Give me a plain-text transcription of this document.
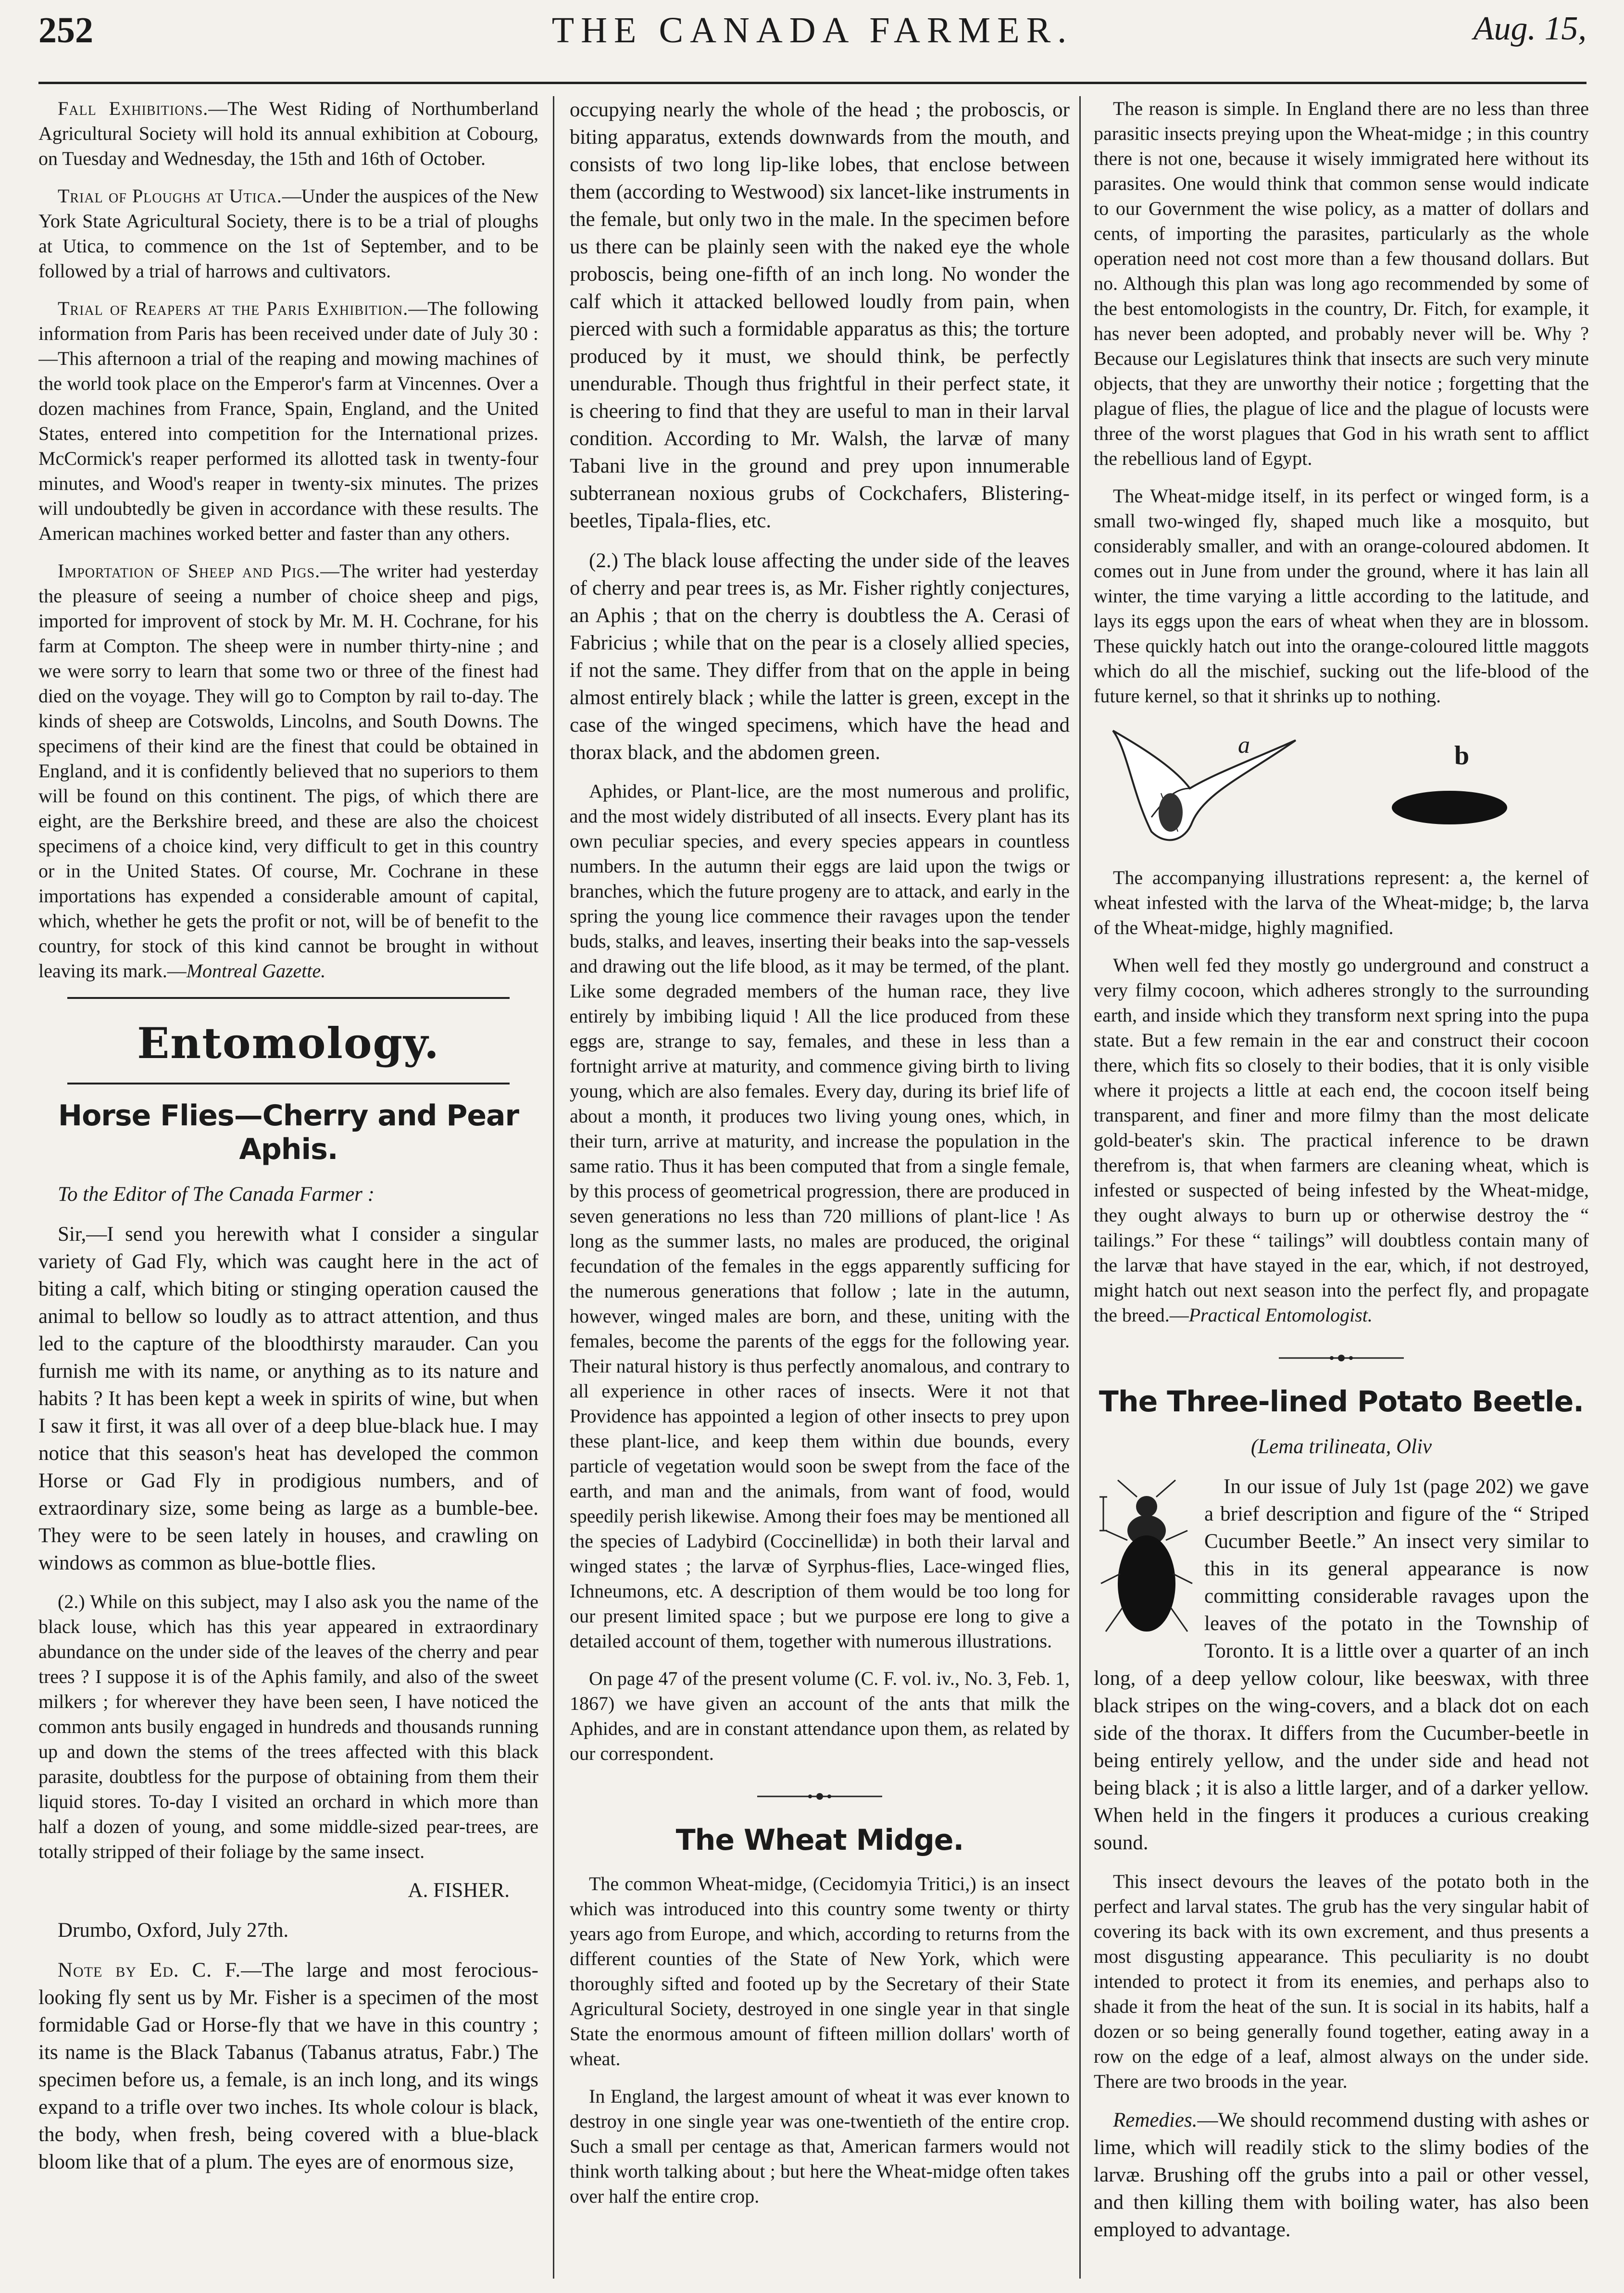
252	THE CANADA FARMER.	Aug. 15,

Fall Exhibitions.—The West Riding of Northumberland Agricultural Society will hold its annual exhibition at Cobourg, on Tuesday and Wednesday, the 15th and 16th of October.

Trial of Ploughs at Utica.—Under the auspices of the New York State Agricultural Society, there is to be a trial of ploughs at Utica, to commence on the 1st of September, and to be followed by a trial of harrows and cultivators.

Trial of Reapers at the Paris Exhibition.—The following information from Paris has been received under date of July 30 :—This afternoon a trial of the reaping and mowing machines of the world took place on the Emperor's farm at Vincennes. Over a dozen machines from France, Spain, England, and the United States, entered into competition for the International prizes. McCormick's reaper performed its allotted task in twenty-four minutes, and Wood's reaper in twenty-six minutes. The prizes will undoubtedly be given in accordance with these results. The American machines worked better and faster than any others.

Importation of Sheep and Pigs.—The writer had yesterday the pleasure of seeing a number of choice sheep and pigs, imported for improvent of stock by Mr. M. H. Cochrane, for his farm at Compton. The sheep were in number thirty-nine ; and we were sorry to learn that some two or three of the finest had died on the voyage. They will go to Compton by rail to-day. The kinds of sheep are Cotswolds, Lincolns, and South Downs. The specimens of their kind are the finest that could be obtained in England, and it is confidently believed that no superiors to them will be found on this continent. The pigs, of which there are eight, are the Berkshire breed, and these are also the choicest specimens of a choice kind, very difficult to get in this country or in the United States. Of course, Mr. Cochrane in these importations has expended a considerable amount of capital, which, whether he gets the profit or not, will be of benefit to the country, for stock of this kind cannot be brought in without leaving its mark.—Montreal Gazette.

Entomology.
Horse Flies—Cherry and Pear Aphis.

To the Editor of The Canada Farmer :

Sir,—I send you herewith what I consider a singular variety of Gad Fly, which was caught here in the act of biting a calf, which biting or stinging operation caused the animal to bellow so loudly as to attract attention, and thus led to the capture of the bloodthirsty marauder. Can you furnish me with its name, or anything as to its nature and habits ? It has been kept a week in spirits of wine, but when I saw it first, it was all over of a deep blue-black hue. I may notice that this season's heat has developed the common Horse or Gad Fly in prodigious numbers, and of extraordinary size, some being as large as a bumble-bee. They were to be seen lately in houses, and crawling on windows as common as blue-bottle flies.

(2.) While on this subject, may I also ask you the name of the black louse, which has this year appeared in extraordinary abundance on the under side of the leaves of the cherry and pear trees ? I suppose it is of the Aphis family, and also of the sweet milkers ; for wherever they have been seen, I have noticed the common ants busily engaged in hundreds and thousands running up and down the stems of the trees affected with this black parasite, doubtless for the purpose of obtaining from them their liquid stores. To-day I visited an orchard in which more than half a dozen of young, and some middle-sized pear-trees, are totally stripped of their foliage by the same insect.

A. FISHER.

Drumbo, Oxford, July 27th.

Note by Ed. C. F.—The large and most ferocious-looking fly sent us by Mr. Fisher is a specimen of the most formidable Gad or Horse-fly that we have in this country ; its name is the Black Tabanus (Tabanus atratus, Fabr.) The specimen before us, a female, is an inch long, and its wings expand to a trifle over two inches. Its whole colour is black, the body, when fresh, being covered with a blue-black bloom like that of a plum. The eyes are of enormous size,

occupying nearly the whole of the head ; the proboscis, or biting apparatus, extends downwards from the mouth, and consists of two long lip-like lobes, that enclose between them (according to Westwood) six lancet-like instruments in the female, but only two in the male. In the specimen before us there can be plainly seen with the naked eye the whole proboscis, being one-fifth of an inch long. No wonder the calf which it attacked bellowed loudly from pain, when pierced with such a formidable apparatus as this; the torture produced by it must, we should think, be perfectly unendurable. Though thus frightful in their perfect state, it is cheering to find that they are useful to man in their larval condition. According to Mr. Walsh, the larvæ of many Tabani live in the ground and prey upon innumerable subterranean noxious grubs of Cockchafers, Blistering-beetles, Tipala-flies, etc.

(2.) The black louse affecting the under side of the leaves of cherry and pear trees is, as Mr. Fisher rightly conjectures, an Aphis ; that on the cherry is doubtless the A. Cerasi of Fabricius ; while that on the pear is a closely allied species, if not the same. They differ from that on the apple in being almost entirely black ; while the latter is green, except in the case of the winged specimens, which have the head and thorax black, and the abdomen green.

Aphides, or Plant-lice, are the most numerous and prolific, and the most widely distributed of all insects. Every plant has its own peculiar species, and every species appears in countless numbers. In the autumn their eggs are laid upon the twigs or branches, which the future progeny are to attack, and early in the spring the young lice commence their ravages upon the tender buds, stalks, and leaves, inserting their beaks into the sap-vessels and drawing out the life blood, as it may be termed, of the plant. Like some degraded members of the human race, they live entirely by imbibing liquid ! All the lice produced from these eggs are, strange to say, females, and these in less than a fortnight arrive at maturity, and commence giving birth to living young, which are also females. Every day, during its brief life of about a month, it produces two living young ones, which, in their turn, arrive at maturity, and increase the population in the same ratio. Thus it has been computed that from a single female, by this process of geometrical progression, there are produced in seven generations no less than 720 millions of plant-lice ! As long as the summer lasts, no males are produced, the original fecundation of the females in the eggs apparently sufficing for the numerous generations that follow ; late in the autumn, however, winged males are born, and these, uniting with the females, become the parents of the eggs for the following year. Their natural history is thus perfectly anomalous, and contrary to all experience in other races of insects. Were it not that Providence has appointed a legion of other insects to prey upon these plant-lice, and keep them within due bounds, every particle of vegetation would soon be swept from the face of the earth, and man and the animals, from want of food, would speedily perish likewise. Among their foes may be mentioned all the species of Ladybird (Coccinellidæ) in both their larval and winged states ; the larvæ of Syrphus-flies, Lace-winged flies, Ichneumons, etc. A description of them would be too long for our present limited space ; but we purpose ere long to give a detailed account of them, together with numerous illustrations.

On page 47 of the present volume (C. F. vol. iv., No. 3, Feb. 1, 1867) we have given an account of the ants that milk the Aphides, and are in constant attendance upon them, as related by our correspondent.

The Wheat Midge.

The common Wheat-midge, (Cecidomyia Tritici,) is an insect which was introduced into this country some twenty or thirty years ago from Europe, and which, according to returns from the different counties of the State of New York, which were thoroughly sifted and footed up by the Secretary of their State Agricultural Society, destroyed in one single year in that single State the enormous amount of fifteen million dollars' worth of wheat.

In England, the largest amount of wheat it was ever known to destroy in one single year was one-twentieth of the entire crop. Such a small per centage as that, American farmers would not think worth talking about ; but here the Wheat-midge often takes over half the entire crop.

The reason is simple. In England there are no less than three parasitic insects preying upon the Wheat-midge ; in this country there is not one, because it wisely immigrated here without its parasites. One would think that common sense would indicate to our Government the wise policy, as a matter of dollars and cents, of importing the parasites, particularly as the whole operation need not cost more than a few thousand dollars. But no. Although this plan was long ago recommended by some of the best entomologists in the country, Dr. Fitch, for example, it has never been adopted, and probably never will be. Why ? Because our Legislatures think that insects are such very minute objects, that they are unworthy their notice ; forgetting that the plague of flies, the plague of lice and the plague of locusts were three of the worst plagues that God in his wrath sent to afflict the rebellious land of Egypt.

The Wheat-midge itself, in its perfect or winged form, is a small two-winged fly, shaped much like a mosquito, but considerably smaller, and with an orange-coloured abdomen. It comes out in June from under the ground, where it has lain all winter, the time varying a little according to the latitude, and lays its eggs upon the ears of wheat when they are in blossom. These quickly hatch out into the orange-coloured little maggots which do all the mischief, sucking out the life-blood of the future kernel, so that it shrinks up to nothing.

a	b

The accompanying illustrations represent: a, the kernel of wheat infested with the larva of the Wheat-midge; b, the larva of the Wheat-midge, highly magnified.

When well fed they mostly go underground and construct a very filmy cocoon, which adheres strongly to the surrounding earth, and inside which they transform next spring into the pupa state. But a few remain in the ear and construct their cocoon there, which fits so closely to their bodies, that it is only visible where it projects a little at each end, the cocoon itself being transparent, and finer and more filmy than the most delicate gold-beater's skin. The practical inference to be drawn therefrom is, that when farmers are cleaning wheat, which is infested or suspected of being infested by the Wheat-midge, they ought always to burn up or otherwise destroy the “ tailings.” For these “ tailings” will doubtless contain many of the larvæ that have stayed in the ear, which, if not destroyed, might hatch out next season into the perfect fly, and propagate the breed.—Practical Entomologist.

The Three-lined Potato Beetle.

(Lema trilineata, Oliv

In our issue of July 1st (page 202) we gave a brief description and figure of the “ Striped Cucumber Beetle.” An insect very similar to this in its general appearance is now committing considerable ravages upon the leaves of the potato in the Township of Toronto. It is a little over a quarter of an inch long, of a deep yellow colour, like beeswax, with three black stripes on the wing-covers, and a black dot on each side of the thorax. It differs from the Cucumber-beetle in being entirely yellow, and the under side and head not being black ; it is also a little larger, and of a darker yellow. When held in the fingers it produces a curious creaking sound.

This insect devours the leaves of the potato both in the perfect and larval states. The grub has the very singular habit of covering its back with its own excrement, and thus presents a most disgusting appearance. This peculiarity is no doubt intended to protect it from its enemies, and perhaps also to shade it from the heat of the sun. It is social in its habits, half a dozen or so being generally found together, eating away in a row on the edge of a leaf, almost always on the under side. There are two broods in the year.

Remedies.—We should recommend dusting with ashes or lime, which will readily stick to the slimy bodies of the larvæ. Brushing off the grubs into a pail or other vessel, and then killing them with boiling water, has also been employed to advantage.
